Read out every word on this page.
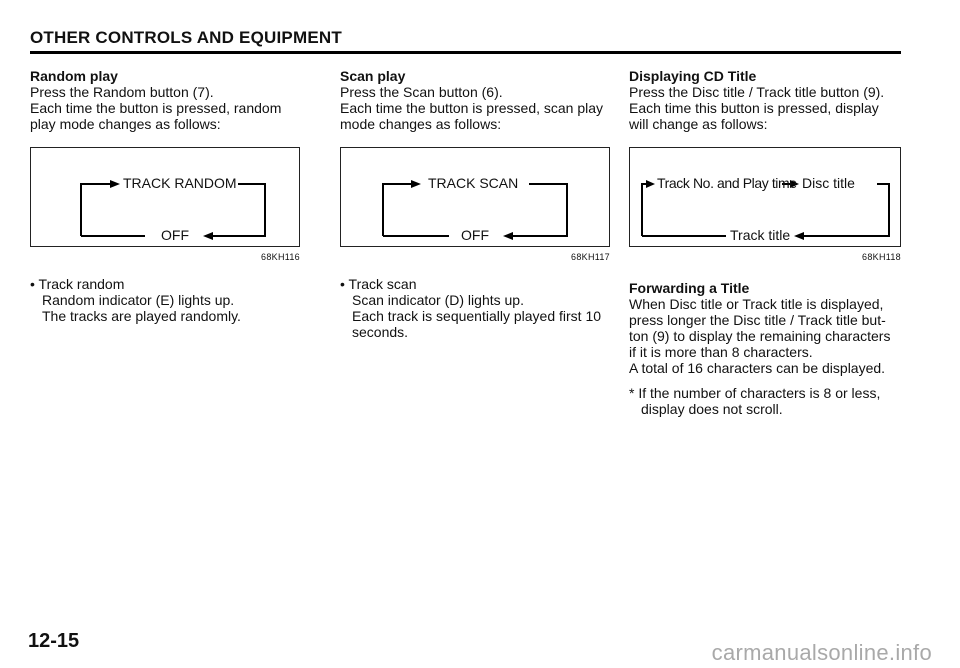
OTHER CONTROLS AND EQUIPMENT
Random play
Press the Random button (7).
Each time the button is pressed, random
play mode changes as follows:
TRACK RANDOM
OFF
68KH116
• Track random
Random indicator (E) lights up.
The tracks are played randomly.
Scan play
Press the Scan button (6).
Each time the button is pressed, scan play
mode changes as follows:
TRACK SCAN
OFF
68KH117
• Track scan
Scan indicator (D) lights up.
Each track is sequentially played first 10
seconds.
Displaying CD Title
Press the Disc title / Track title button (9).
Each time this button is pressed, display
will change as follows:
Track No. and Play time Disc title
Track title
68KH118
Forwarding a Title
When Disc title or Track title is displayed,
press longer the Disc title / Track title but-
ton (9) to display the remaining characters
if it is more than 8 characters.
A total of 16 characters can be displayed.
* If the number of characters is 8 or less,
display does not scroll.
12-15	carmanualsonline.info
